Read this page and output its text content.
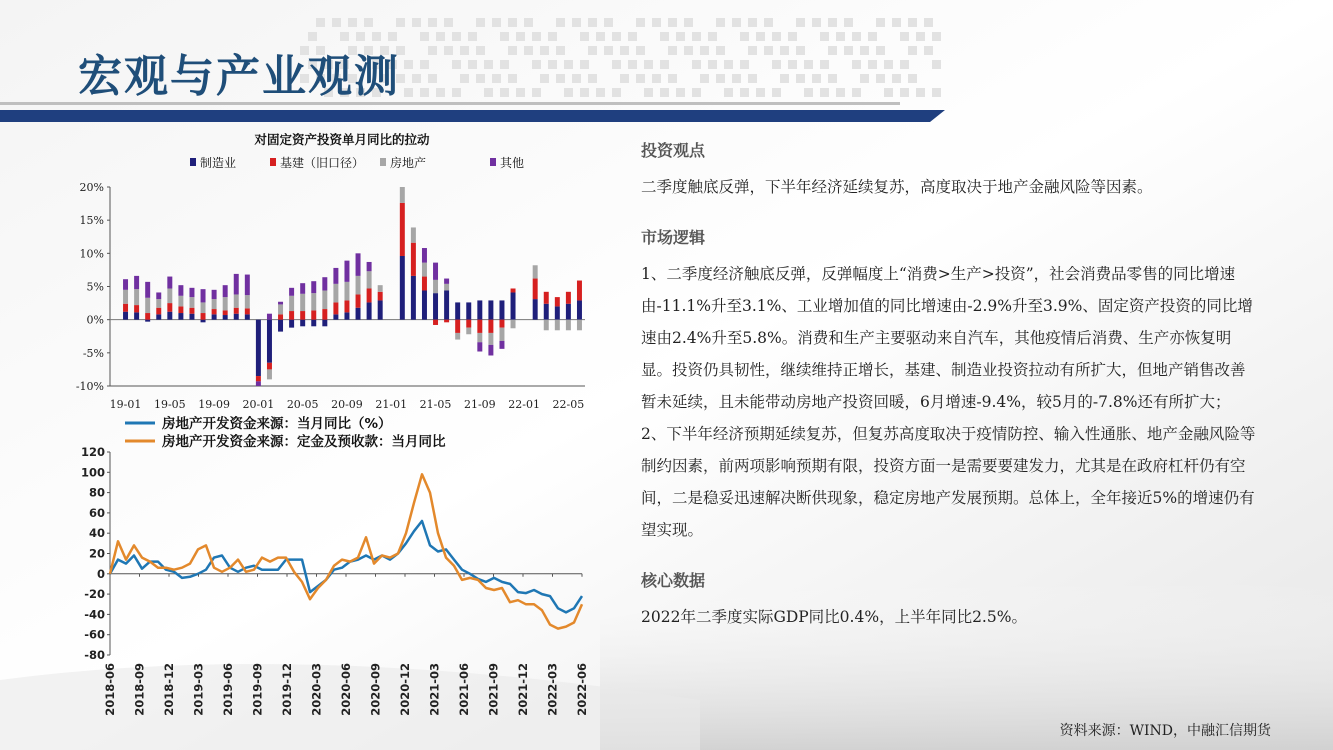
宏观与产业观测
对固定资产投资单月同比的拉动
制造业	基建（旧口径） 房地产	其他
20%
15%
10%
5%
0%
-5%
-10%
19-01 19-05 19-09 20-01 20-05 20-09 21-01 21-05 21-09 22-01 22-05
房地产开发资金来源：当月同比（%）
房地产开发资金来源：定金及预收款：当月同比
120
100
80
60
40
20
0
-20
-40
-60
-80
2018-06 2018-09 2018-12 2019-03 2019-06 2019-09 2019-12 2020-03 2020-06 2020-09 2020-12 2021-03 2021-06 2021-09 2021-12 2022-03 2022-06
投资观点

二季度触底反弹，下半年经济延续复苏，高度取决于地产金融风险等因素。

市场逻辑

1、二季度经济触底反弹，反弹幅度上“消费>生产>投资”，社会消费品零售的同比增速由-11.1%升至3.1%、工业增加值的同比增速由-2.9%升至3.9%、固定资产投资的同比增速由2.4%升至5.8%。消费和生产主要驱动来自汽车，其他疫情后消费、生产亦恢复明显。投资仍具韧性，继续维持正增长，基建、制造业投资拉动有所扩大，但地产销售改善暂未延续，且未能带动房地产投资回暖，6月增速-9.4%，较5月的-7.8%还有所扩大；

2、下半年经济预期延续复苏，但复苏高度取决于疫情防控、输入性通胀、地产金融风险等制约因素，前两项影响预期有限，投资方面一是需要要建发力，尤其是在政府杠杆仍有空间，二是稳妥迅速解决断供现象，稳定房地产发展预期。总体上，全年接近5%的增速仍有望实现。

核心数据

2022年二季度实际GDP同比0.4%，上半年同比2.5%。

资料来源：WIND，中融汇信期货
